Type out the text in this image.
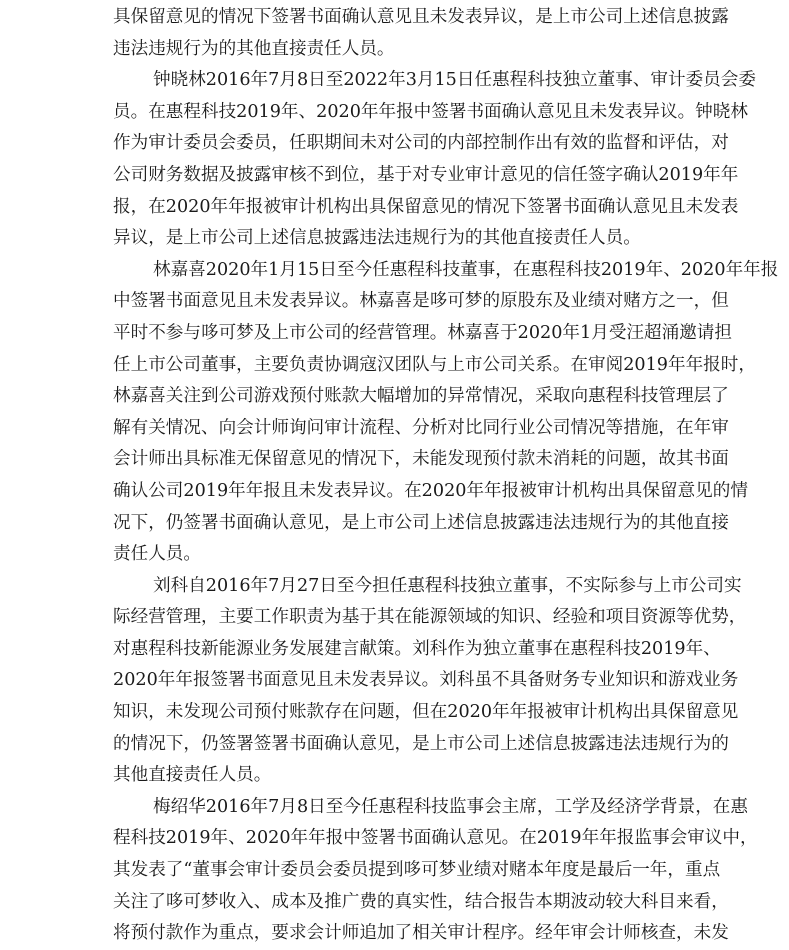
具保留意见的情况下签署书面确认意见且未发表异议，是上市公司上述信息披露
违法违规行为的其他直接责任人员。
钟晓林2016年7月8日至2022年3月15日任惠程科技独立董事、审计委员会委
员。在惠程科技2019年、2020年年报中签署书面确认意见且未发表异议。钟晓林
作为审计委员会委员，任职期间未对公司的内部控制作出有效的监督和评估，对
公司财务数据及披露审核不到位，基于对专业审计意见的信任签字确认2019年年
报，在2020年年报被审计机构出具保留意见的情况下签署书面确认意见且未发表
异议，是上市公司上述信息披露违法违规行为的其他直接责任人员。
林嘉喜2020年1月15日至今任惠程科技董事，在惠程科技2019年、2020年年报
中签署书面意见且未发表异议。林嘉喜是哆可梦的原股东及业绩对赌方之一，但
平时不参与哆可梦及上市公司的经营管理。林嘉喜于2020年1月受汪超涌邀请担
任上市公司董事，主要负责协调寇汉团队与上市公司关系。在审阅2019年年报时，
林嘉喜关注到公司游戏预付账款大幅增加的异常情况，采取向惠程科技管理层了
解有关情况、向会计师询问审计流程、分析对比同行业公司情况等措施，在年审
会计师出具标准无保留意见的情况下，未能发现预付款未消耗的问题，故其书面
确认公司2019年年报且未发表异议。在2020年年报被审计机构出具保留意见的情
况下，仍签署书面确认意见，是上市公司上述信息披露违法违规行为的其他直接
责任人员。
刘科自2016年7月27日至今担任惠程科技独立董事，不实际参与上市公司实
际经营管理，主要工作职责为基于其在能源领域的知识、经验和项目资源等优势，
对惠程科技新能源业务发展建言献策。刘科作为独立董事在惠程科技2019年、
2020年年报签署书面意见且未发表异议。刘科虽不具备财务专业知识和游戏业务
知识，未发现公司预付账款存在问题，但在2020年年报被审计机构出具保留意见
的情况下，仍签署签署书面确认意见，是上市公司上述信息披露违法违规行为的
其他直接责任人员。
梅绍华2016年7月8日至今任惠程科技监事会主席，工学及经济学背景，在惠
程科技2019年、2020年年报中签署书面确认意见。在2019年年报监事会审议中，
其发表了“董事会审计委员会委员提到哆可梦业绩对赌本年度是最后一年，重点
关注了哆可梦收入、成本及推广费的真实性，结合报告本期波动较大科目来看，
将预付款作为重点，要求会计师追加了相关审计程序。经年审会计师核查，未发
